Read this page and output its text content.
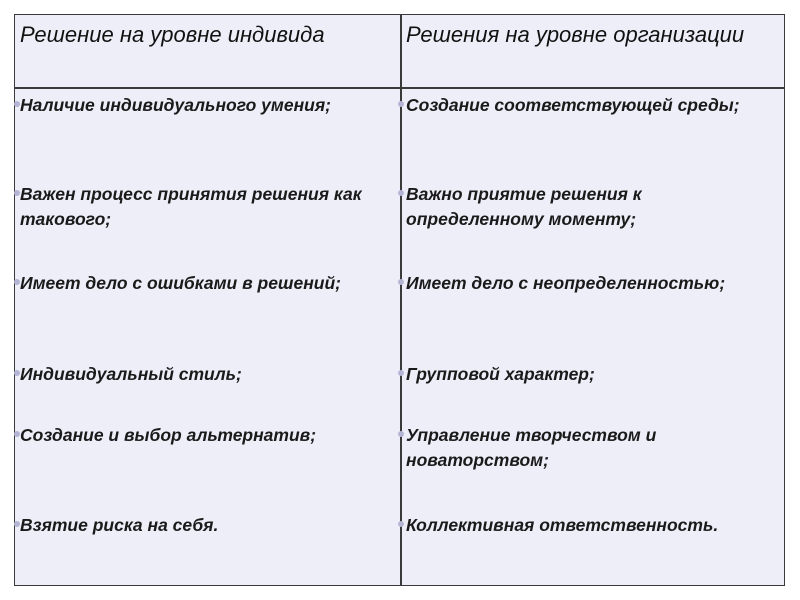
Решение на уровне индивида	Решения на уровне организации
Наличие индивидуального умения;
Важен процесс принятия решения как такового;
Имеет дело с ошибками в решений;
Индивидуальный стиль;
Создание и выбор альтернатив;
Взятие риска на себя.
Создание соответствующей среды;
Важно приятие решения к определенному моменту;
Имеет дело с неопределенностью;
Групповой характер;
Управление творчеством и новаторством;
Коллективная ответственность.
